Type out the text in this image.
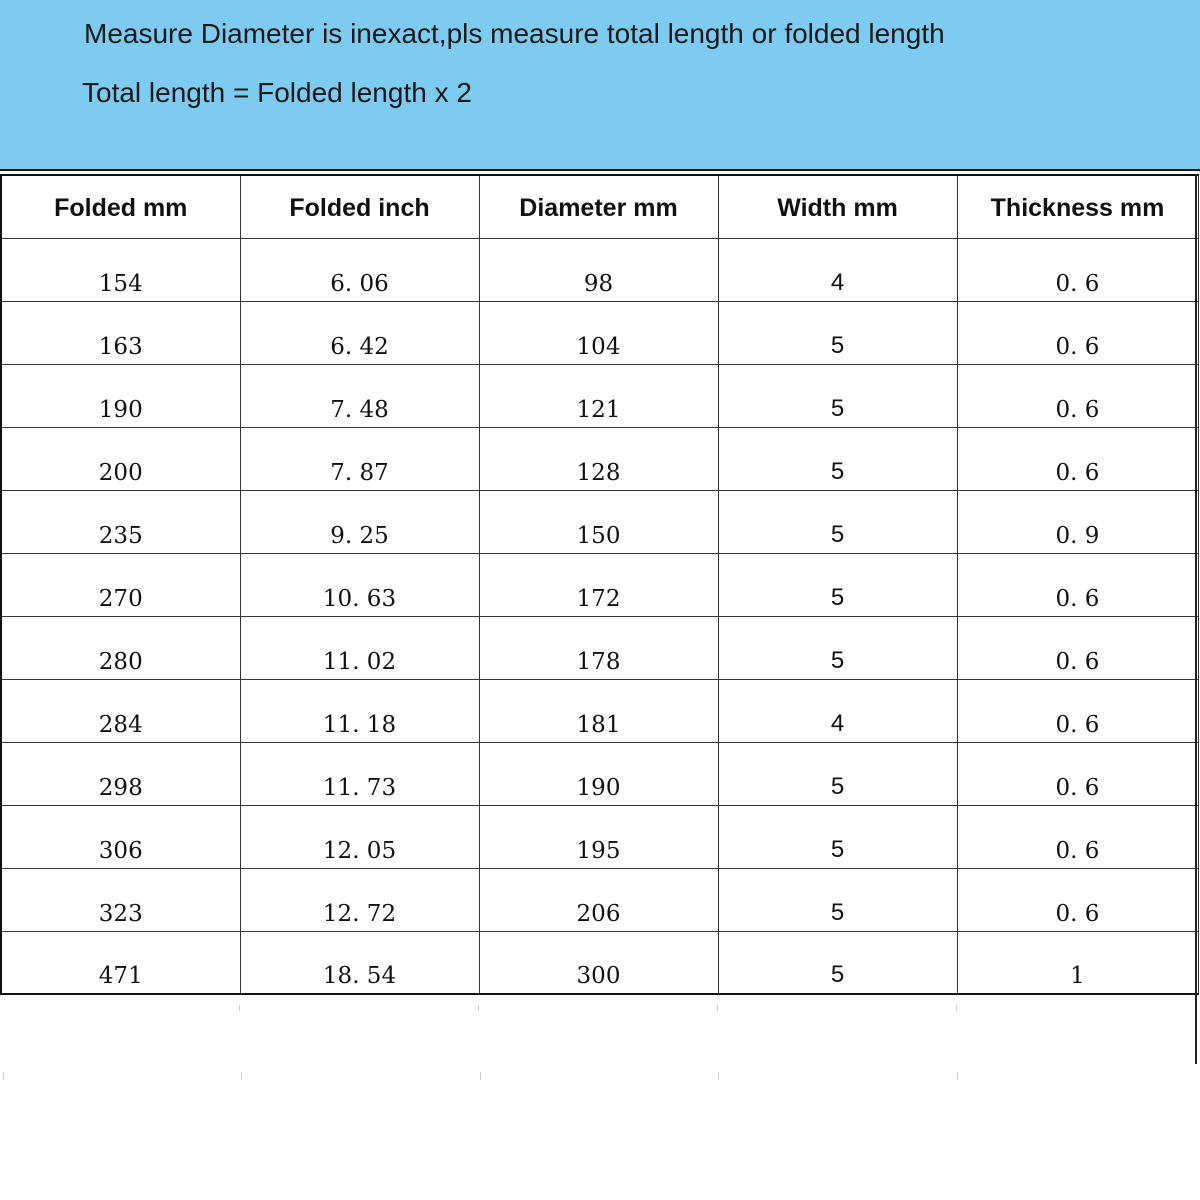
Measure Diameter is inexact,pls measure total length or folded length
Total length = Folded length x 2
Folded mm	Folded inch	Diameter mm	Width mm	Thickness mm
154	6. 06	98	4	0. 6
163	6. 42	104	5	0. 6
190	7. 48	121	5	0. 6
200	7. 87	128	5	0. 6
235	9. 25	150	5	0. 9
270	10. 63	172	5	0. 6
280	11. 02	178	5	0. 6
284	11. 18	181	4	0. 6
298	11. 73	190	5	0. 6
306	12. 05	195	5	0. 6
323	12. 72	206	5	0. 6
471	18. 54	300	5	1
